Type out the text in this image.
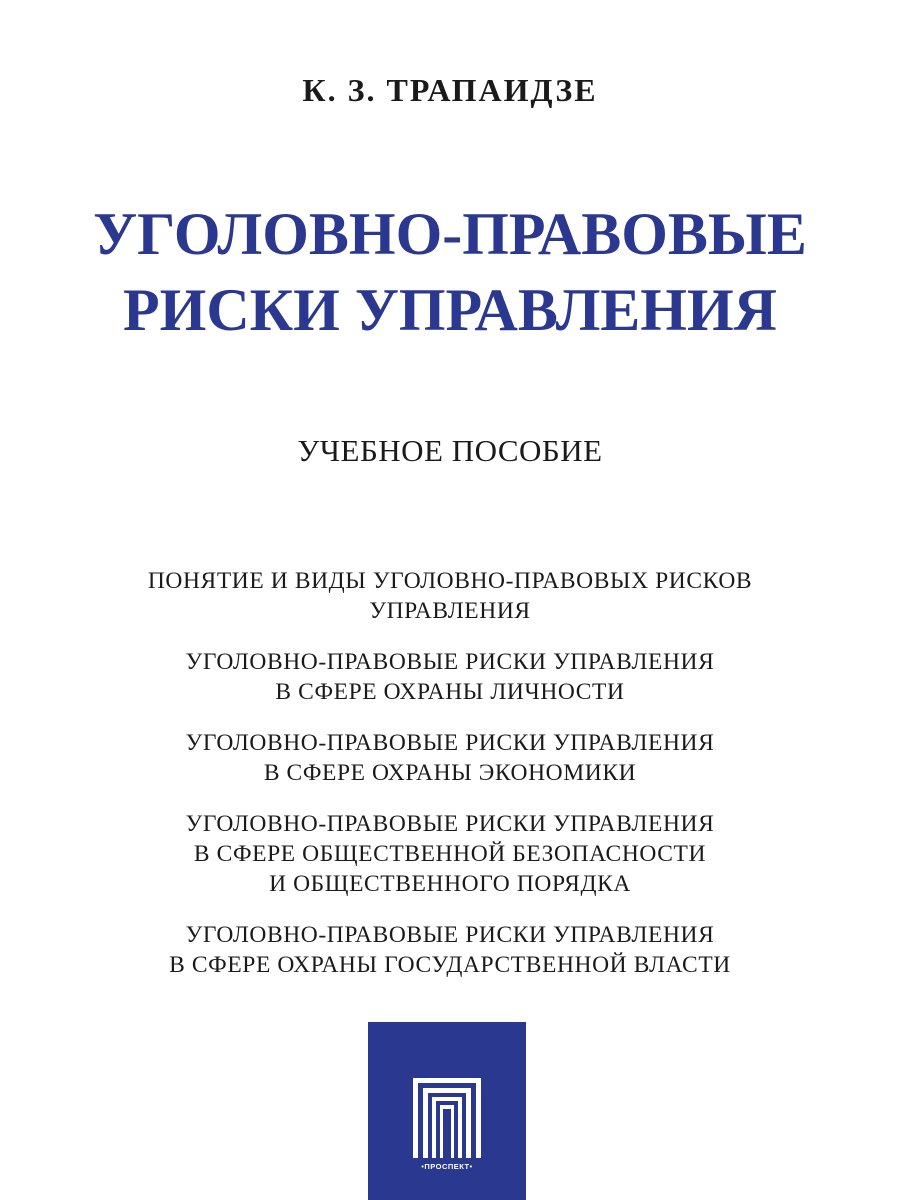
К. З. ТРАПАИДЗЕ
УГОЛОВНО-ПРАВОВЫЕ
РИСКИ УПРАВЛЕНИЯ
УЧЕБНОЕ ПОСОБИЕ
ПОНЯТИЕ И ВИДЫ УГОЛОВНО-ПРАВОВЫХ РИСКОВ
УПРАВЛЕНИЯ
УГОЛОВНО-ПРАВОВЫЕ РИСКИ УПРАВЛЕНИЯ
В СФЕРЕ ОХРАНЫ ЛИЧНОСТИ
УГОЛОВНО-ПРАВОВЫЕ РИСКИ УПРАВЛЕНИЯ
В СФЕРЕ ОХРАНЫ ЭКОНОМИКИ
УГОЛОВНО-ПРАВОВЫЕ РИСКИ УПРАВЛЕНИЯ
В СФЕРЕ ОБЩЕСТВЕННОЙ БЕЗОПАСНОСТИ
И ОБЩЕСТВЕННОГО ПОРЯДКА
УГОЛОВНО-ПРАВОВЫЕ РИСКИ УПРАВЛЕНИЯ
В СФЕРЕ ОХРАНЫ ГОСУДАРСТВЕННОЙ ВЛАСТИ
•ПРОСПЕКТ•
